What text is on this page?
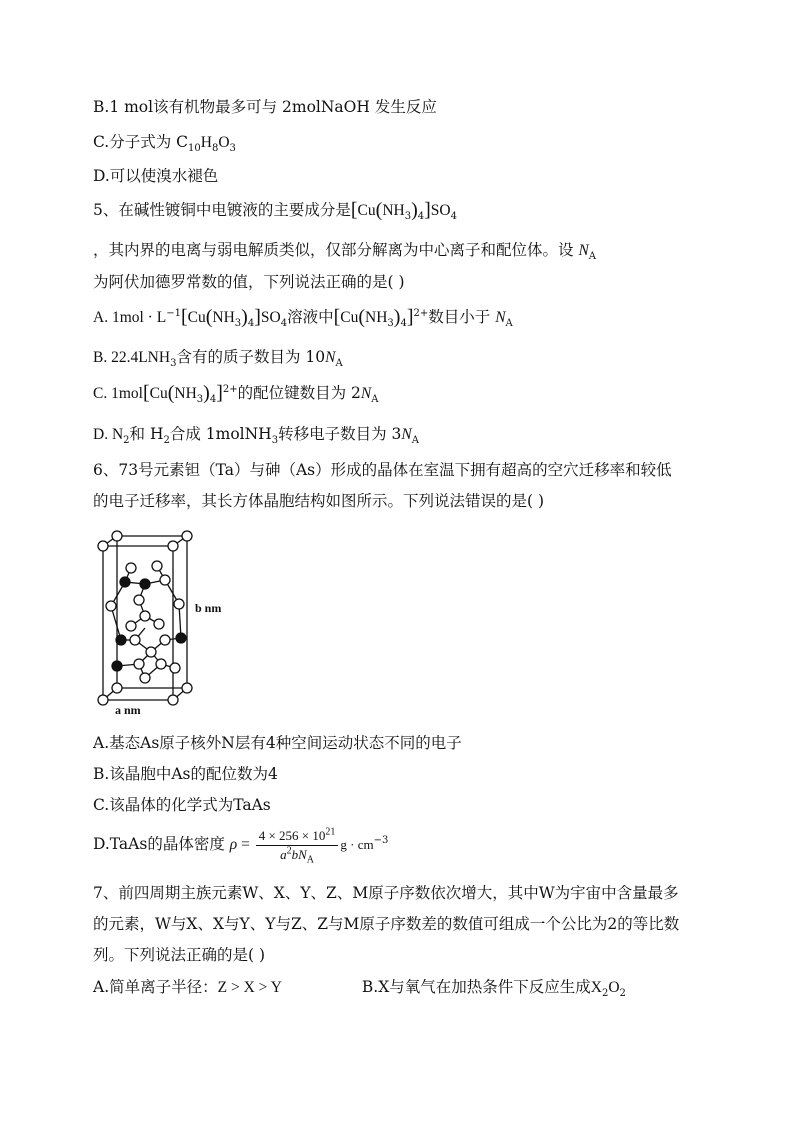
B.1 mol该有机物最多可与 2molNaOH 发生反应
C.分子式为 $C_{10}H_8O_3$
D.可以使溴水褪色
5、在碱性镀铜中电镀液的主要成分是$[Cu(NH_3)_4]SO_4$
，其内界的电离与弱电解质类似，仅部分解离为中心离子和配位体。设 $N_A$
为阿伏加德罗常数的值，下列说法正确的是( )
A. $1mol \cdot L^{-1}[Cu(NH_3)_4]SO_4$溶液中$[Cu(NH_3)_4]^{2+}$数目小于 $N_A$
B. $22.4LNH_3$含有的质子数目为 $10N_A$
C. $1mol[Cu(NH_3)_4]^{2+}$的配位键数目为 $2N_A$
D. $N_2$和 $H_2$合成 1molNH$_3$转移电子数目为 $3N_A$
6、73号元素钽（Ta）与砷（As）形成的晶体在室温下拥有超高的空穴迁移率和较低
的电子迁移率，其长方体晶胞结构如图所示。下列说法错误的是( )
b nm
a nm
A.基态As原子核外N层有4种空间运动状态不同的电子
B.该晶胞中As的配位数为4
C.该晶体的化学式为TaAs
D.TaAs的晶体密度 $\rho = \frac{4 \times 256 \times 10^{21}}{a^2bN_A}$ $g \cdot cm^{-3}$
7、前四周期主族元素W、X、Y、Z、M原子序数依次增大，其中W为宇宙中含量最多
的元素，W与X、X与Y、Y与Z、Z与M原子序数差的数值可组成一个公比为2的等比数
列。下列说法正确的是( )
A.简单离子半径：Z > X > Y	B.X与氧气在加热条件下反应生成$X_2O_2$
